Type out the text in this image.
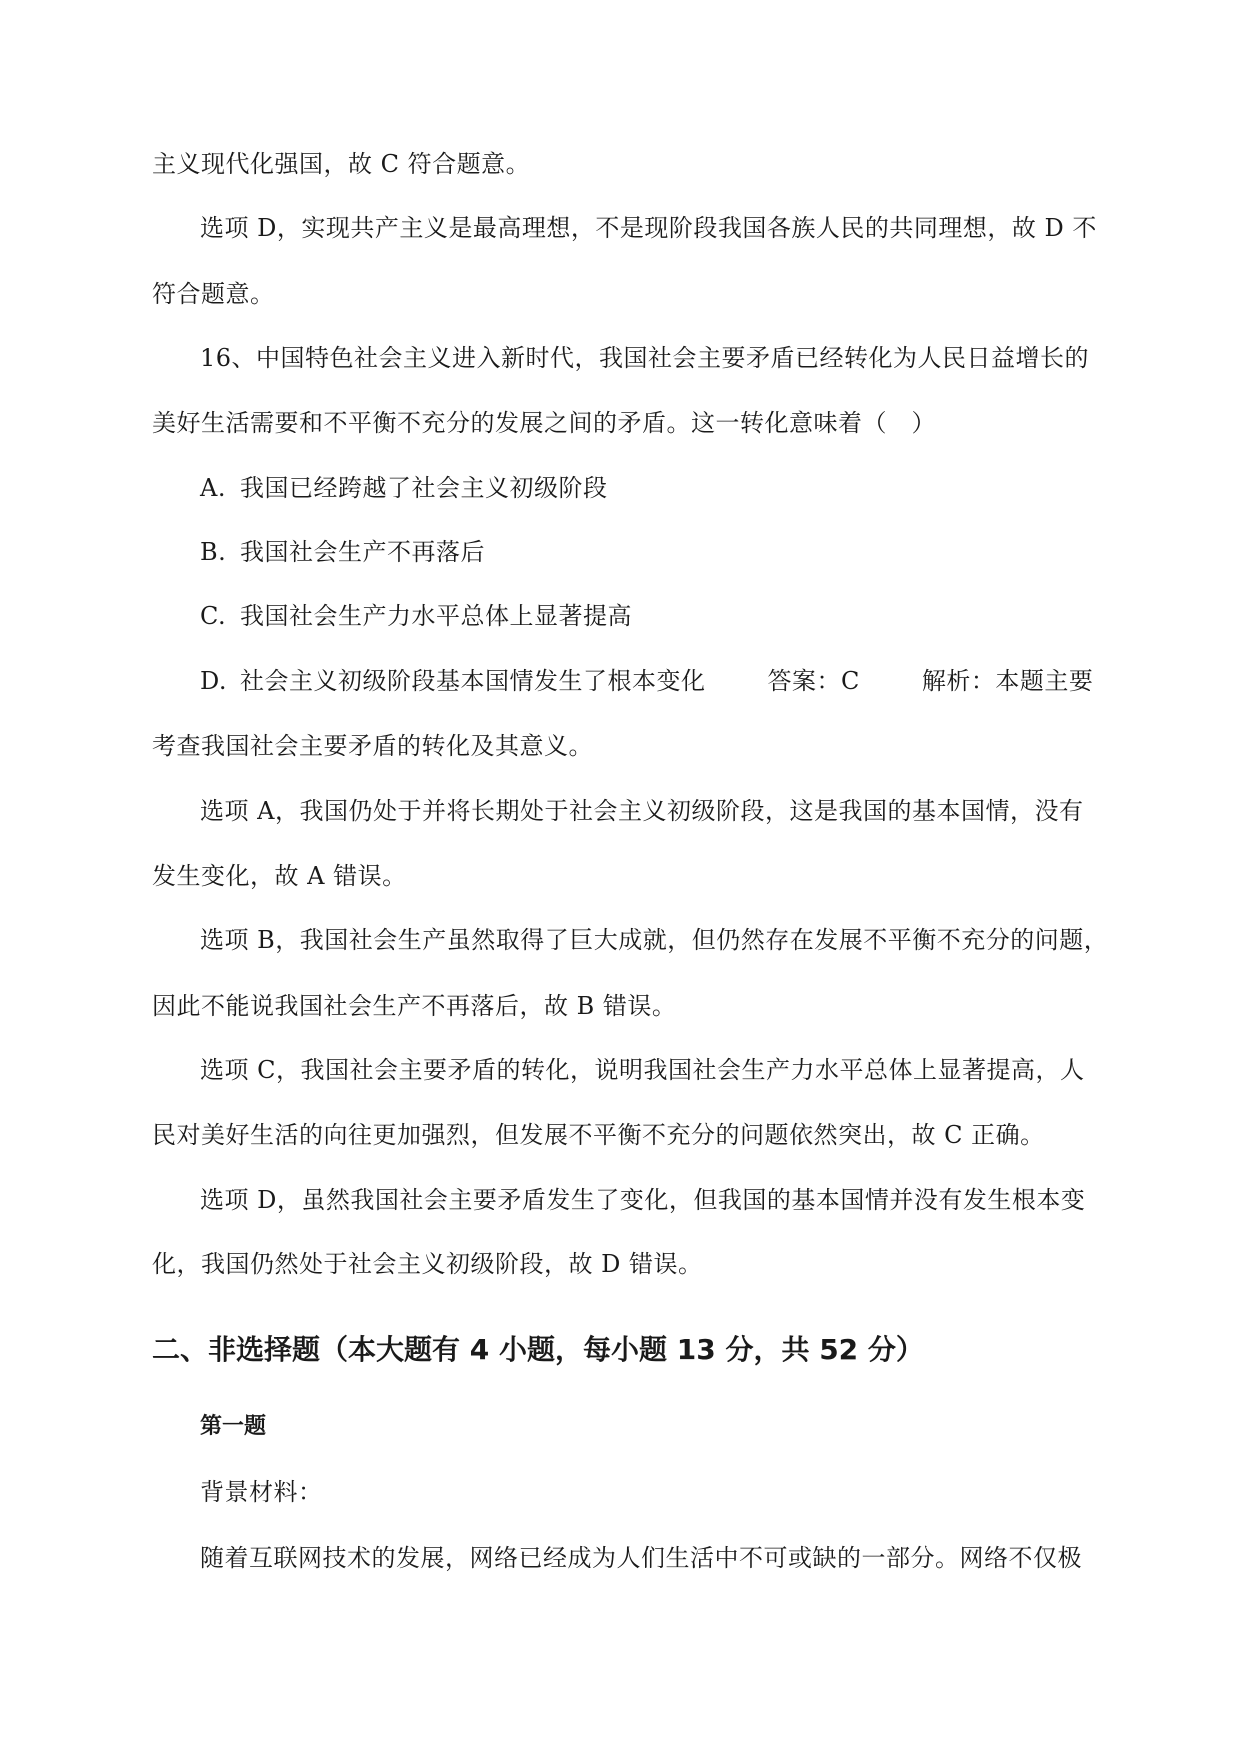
主义现代化强国，故 C 符合题意。
选项 D，实现共产主义是最高理想，不是现阶段我国各族人民的共同理想，故 D 不
符合题意。
16、中国特色社会主义进入新时代，我国社会主要矛盾已经转化为人民日益增长的
美好生活需要和不平衡不充分的发展之间的矛盾。这一转化意味着（　）
A. 我国已经跨越了社会主义初级阶段
B. 我国社会生产不再落后
C. 我国社会生产力水平总体上显著提高
D. 社会主义初级阶段基本国情发生了根本变化	答案：C	解析：本题主要
考查我国社会主要矛盾的转化及其意义。
选项 A，我国仍处于并将长期处于社会主义初级阶段，这是我国的基本国情，没有
发生变化，故 A 错误。
选项 B，我国社会生产虽然取得了巨大成就，但仍然存在发展不平衡不充分的问题，
因此不能说我国社会生产不再落后，故 B 错误。
选项 C，我国社会主要矛盾的转化，说明我国社会生产力水平总体上显著提高，人
民对美好生活的向往更加强烈，但发展不平衡不充分的问题依然突出，故 C 正确。
选项 D，虽然我国社会主要矛盾发生了变化，但我国的基本国情并没有发生根本变
化，我国仍然处于社会主义初级阶段，故 D 错误。
二、非选择题（本大题有 4 小题，每小题 13 分，共 52 分）
第一题
背景材料：
随着互联网技术的发展，网络已经成为人们生活中不可或缺的一部分。网络不仅极
